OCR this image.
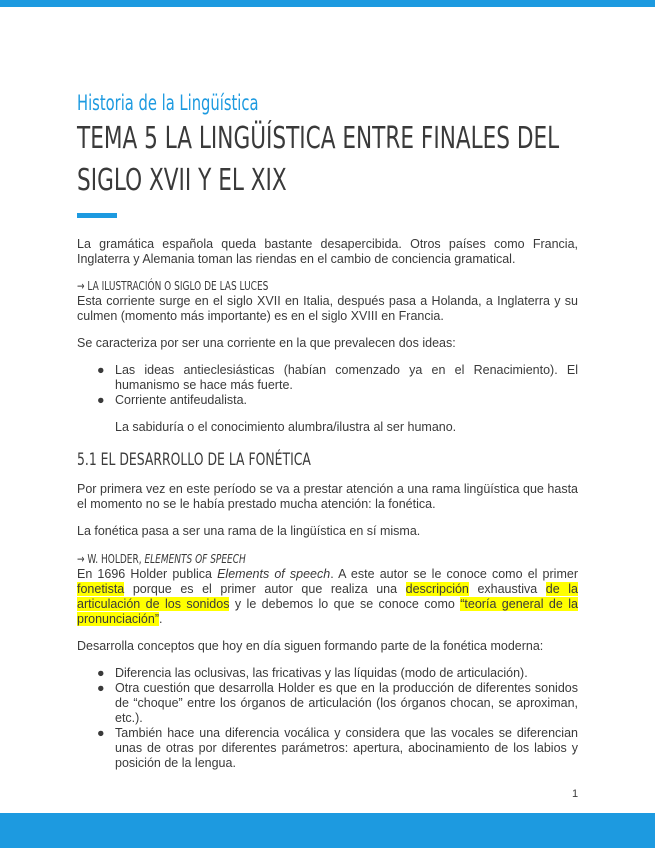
Historia de la Lingüística
TEMA 5 LA LINGÜÍSTICA ENTRE FINALES DEL
SIGLO XVII Y EL XIX

La gramática española queda bastante desapercibida. Otros países como Francia, Inglaterra y Alemania toman las riendas en el cambio de conciencia gramatical.

→ LA ILUSTRACIÓN O SIGLO DE LAS LUCES

Esta corriente surge en el siglo XVII en Italia, después pasa a Holanda, a Inglaterra y su culmen (momento más importante) es en el siglo XVIII en Francia.

Se caracteriza por ser una corriente en la que prevalecen dos ideas:

● Las ideas antieclesiásticas (habían comenzado ya en el Renacimiento). El humanismo se hace más fuerte.
● Corriente antifeudalista.

La sabiduría o el conocimiento alumbra/ilustra al ser humano.

5.1 EL DESARROLLO DE LA FONÉTICA

Por primera vez en este período se va a prestar atención a una rama lingüística que hasta el momento no se le había prestado mucha atención: la fonética.

La fonética pasa a ser una rama de la lingüística en sí misma.

→ W. HOLDER, ELEMENTS OF SPEECH

En 1696 Holder publica Elements of speech. A este autor se le conoce como el primer fonetista porque es el primer autor que realiza una descripción exhaustiva de la articulación de los sonidos y le debemos lo que se conoce como “teoría general de la pronunciación”.

Desarrolla conceptos que hoy en día siguen formando parte de la fonética moderna:

● Diferencia las oclusivas, las fricativas y las líquidas (modo de articulación).
● Otra cuestión que desarrolla Holder es que en la producción de diferentes sonidos de “choque” entre los órganos de articulación (los órganos chocan, se aproximan, etc.).
● También hace una diferencia vocálica y considera que las vocales se diferencian unas de otras por diferentes parámetros: apertura, abocinamiento de los labios y posición de la lengua.
1
